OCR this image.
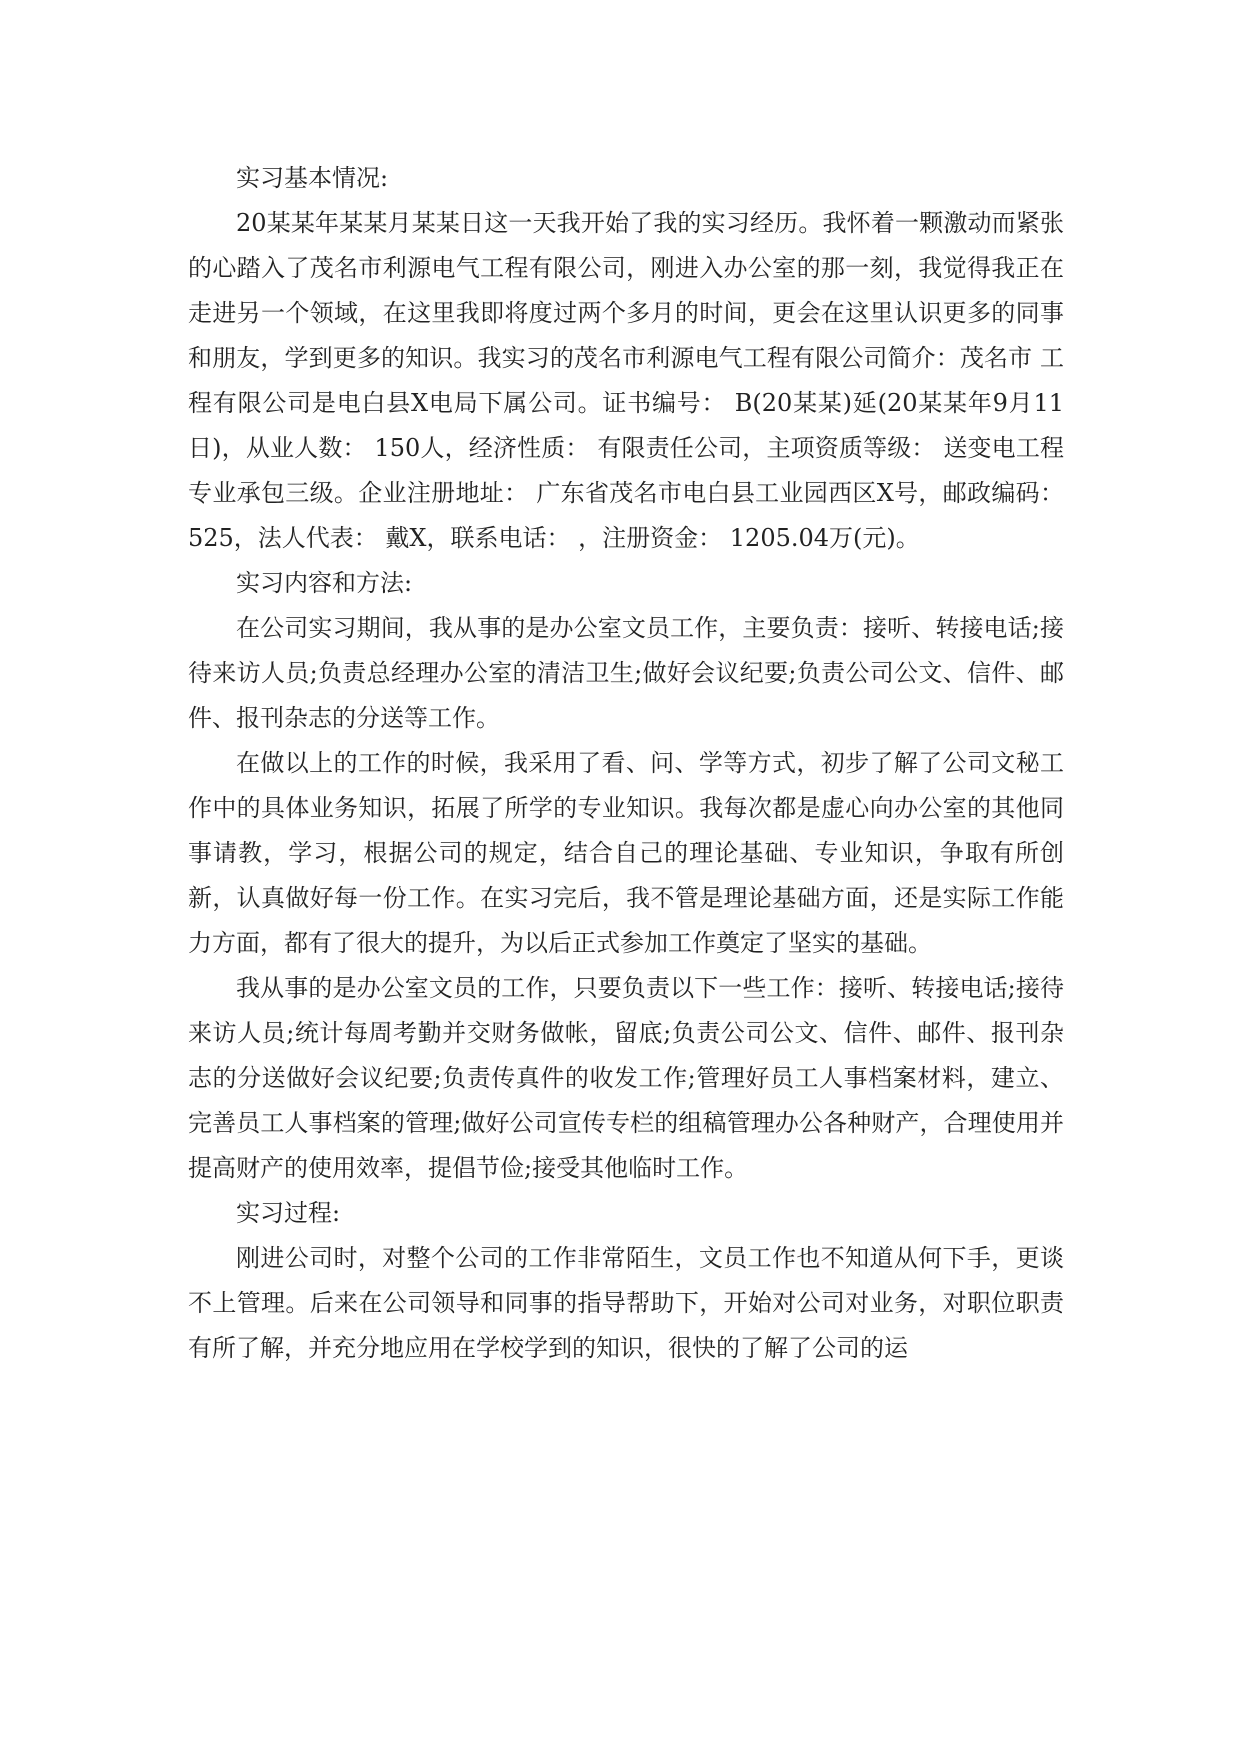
实习基本情况:

20某某年某某月某某日这一天我开始了我的实习经历。我怀着一颗激动而紧张的心踏入了茂名市利源电气工程有限公司，刚进入办公室的那一刻，我觉得我正在走进另一个领域，在这里我即将度过两个多月的时间，更会在这里认识更多的同事和朋友，学到更多的知识。我实习的茂名市利源电气工程有限公司简介：茂名市 工程有限公司是电白县X电局下属公司。证书编号： B(20某某)延(20某某年9月11日)，从业人数： 150人，经济性质： 有限责任公司，主项资质等级： 送变电工程专业承包三级。企业注册地址： 广东省茂名市电白县工业园西区X号，邮政编码： 525，法人代表： 戴X，联系电话： ，注册资金： 1205.04万(元)。

实习内容和方法:

在公司实习期间，我从事的是办公室文员工作，主要负责：接听、转接电话;接待来访人员;负责总经理办公室的清洁卫生;做好会议纪要;负责公司公文、信件、邮件、报刊杂志的分送等工作。

在做以上的工作的时候，我采用了看、问、学等方式，初步了解了公司文秘工作中的具体业务知识，拓展了所学的专业知识。我每次都是虚心向办公室的其他同事请教，学习，根据公司的规定，结合自己的理论基础、专业知识，争取有所创新，认真做好每一份工作。在实习完后，我不管是理论基础方面，还是实际工作能力方面，都有了很大的提升，为以后正式参加工作奠定了坚实的基础。

我从事的是办公室文员的工作，只要负责以下一些工作：接听、转接电话;接待来访人员;统计每周考勤并交财务做帐，留底;负责公司公文、信件、邮件、报刊杂志的分送做好会议纪要;负责传真件的收发工作;管理好员工人事档案材料，建立、完善员工人事档案的管理;做好公司宣传专栏的组稿管理办公各种财产，合理使用并提高财产的使用效率，提倡节俭;接受其他临时工作。

实习过程:

刚进公司时，对整个公司的工作非常陌生，文员工作也不知道从何下手，更谈不上管理。后来在公司领导和同事的指导帮助下，开始对公司对业务，对职位职责有所了解，并充分地应用在学校学到的知识，很快的了解了公司的运
